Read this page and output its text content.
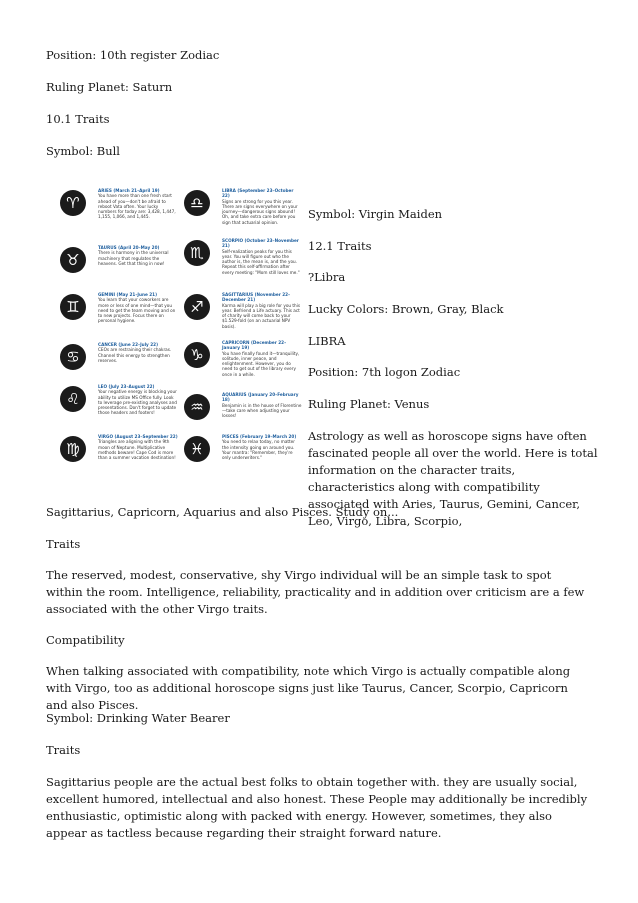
Position: 10th register Zodiac

Ruling Planet: Saturn

10.1 Traits

Symbol: Bull

♈
ARIES (March 21–April 19)
You have more than one fresh start ahead of you—don't be afraid to reboot Vata often. Your lucky numbers for today are: 3,428, 1,447, 1,155, 1,066, and 1,445.
♉
TAURUS (April 20–May 20)
There is harmony in the universal machinery that regulates the heavens. Get that thing in now!
♊
GEMINI (May 21–June 21)
You learn that your coworkers are more or less of one mind—that you need to get the team moving and on to new projects. Focus there on personal hygiene.
♋
CANCER (June 22–July 22)
CEOs are restraining their chakras. Channel this energy to strengthen reserves.
♌
LEO (July 23–August 22)
Your negative energy is blocking your ability to utilize MS Office fully. Look to leverage pre-existing analyses and presentations. Don't forget to update those headers and footers!
♍
VIRGO (August 23–September 22)
Triangles are aligning with the 9th moon of Neptune. Multiplicative methods beware! Cape Cod is more than a summer vacation destination!
♎
LIBRA (September 23–October 22)
Signs are strong for you this year. There are signs everywhere on your journey—dangerous signs abound! Oh, and take extra care before you sign that actuarial opinion.
♏
SCORPIO (October 23–November 21)
Self-realization peaks for you this year. You will figure out who the author is, the mean is, and the you. Repeat this self-affirmation after every meeting: "Mom still loves me."
♐
SAGITTARIUS (November 22–December 21)
Karma will play a big role for you this year. Befriend a Life actuary. This act of charity will come back to your $1.529-fold (on an actuarial NPV basis).
♑
CAPRICORN (December 22–January 19)
You have finally found it—tranquility, solitude, inner peace, and enlightenment. However, you do need to get out of the library every once in a while.
♒
AQUARIUS (January 20–February 18)
Benjamin is in the house of Florentine—take care when adjusting your losses!
♓
PISCES (February 19–March 20)
You need to relax today, no matter the intensity going on around you. Your mantra: "Remember, they're only underwriters."

Symbol: Virgin Maiden

12.1 Traits

?Libra

Lucky Colors: Brown, Gray, Black

LIBRA

Position: 7th logon Zodiac

Ruling Planet: Venus

Astrology as well as horoscope signs have often fascinated people all over the world. Here is total information on the character traits, characteristics along with compatibility associated with Aries, Taurus, Gemini, Cancer, Leo, Virgo, Libra, Scorpio,

Sagittarius, Capricorn, Aquarius and also Pisces. Study on...

Traits

The reserved, modest, conservative, shy Virgo individual will be an simple task to spot within the room. Intelligence, reliability, practicality and in addition over criticism are a few associated with the other Virgo traits.

Compatibility

When talking associated with compatibility, note which Virgo is actually compatible along with Virgo, too as additional horoscope signs just like Taurus, Cancer, Scorpio, Capricorn and also Pisces.

Symbol: Drinking Water Bearer

Traits

Sagittarius people are the actual best folks to obtain together with. they are usually social, excellent humored, intellectual and also honest. These People may additionally be incredibly enthusiastic, optimistic along with packed with energy. However, sometimes, they also appear as tactless because regarding their straight forward nature.
